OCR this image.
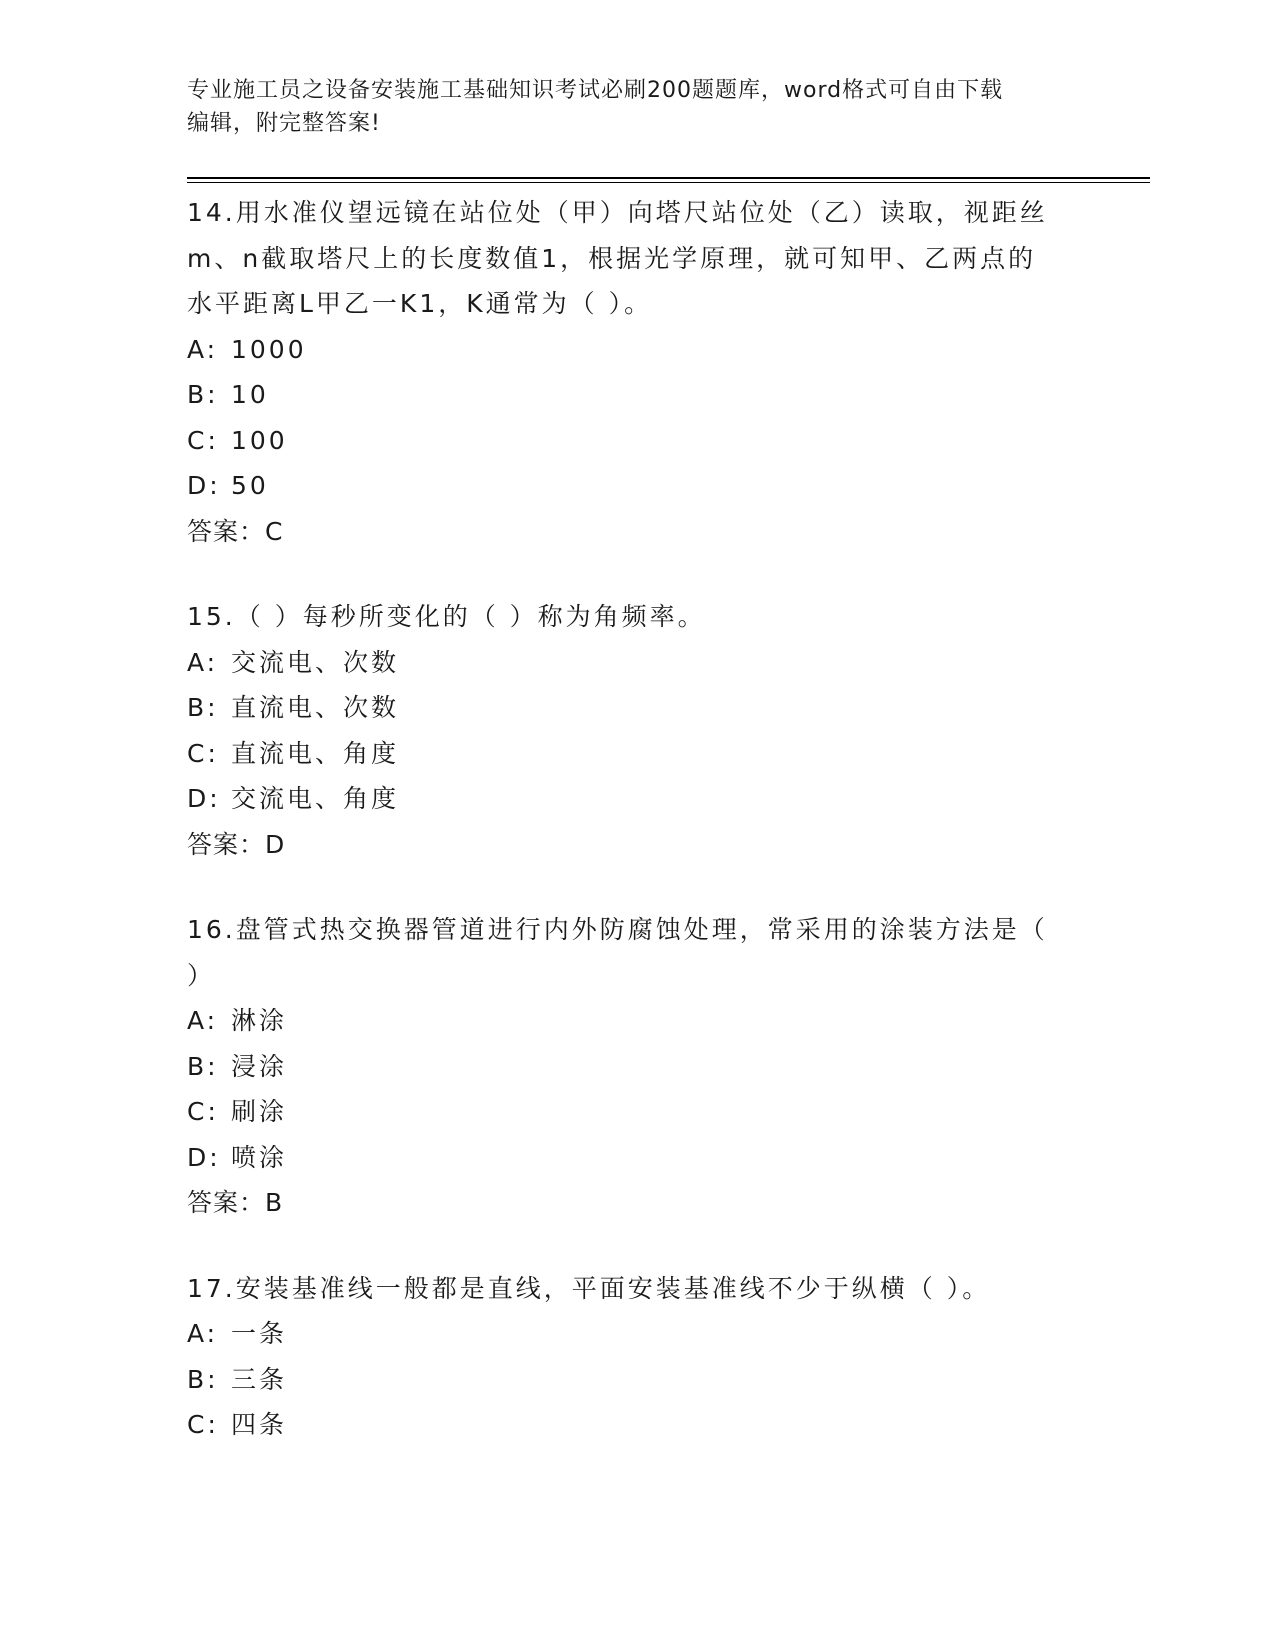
专业施工员之设备安装施工基础知识考试必刷200题题库，word格式可自由下载
编辑，附完整答案!
14.用水准仪望远镜在站位处（甲）向塔尺站位处（乙）读取，视距丝
m、n截取塔尺上的长度数值1，根据光学原理，就可知甲、乙两点的
水平距离L甲乙一K1，K通常为（ ）。
A: 1000
B: 10
C: 100
D: 50
答案：C
15.（ ）每秒所变化的（ ）称为角频率。
A: 交流电、次数
B: 直流电、次数
C: 直流电、角度
D: 交流电、角度
答案：D
16.盘管式热交换器管道进行内外防腐蚀处理，常采用的涂装方法是（
）
A: 淋涂
B: 浸涂
C: 刷涂
D: 喷涂
答案：B
17.安装基准线一般都是直线，平面安装基准线不少于纵横（ ）。
A: 一条
B: 三条
C: 四条
